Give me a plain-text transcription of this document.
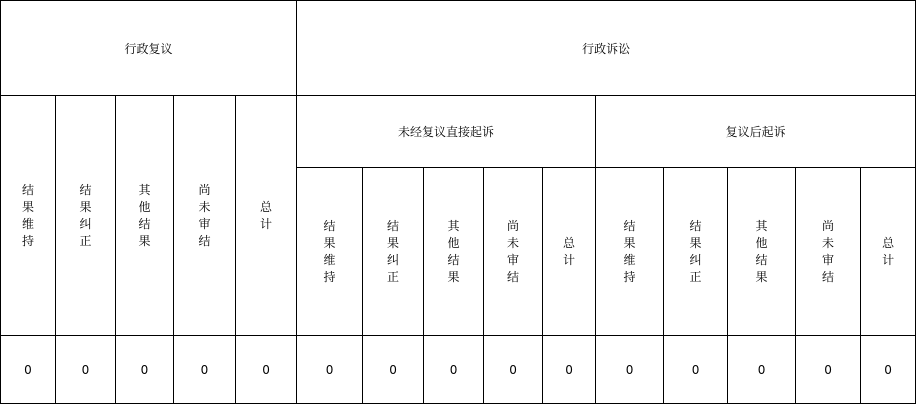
行政复议					行政诉讼									
结果维持	结果纠正	其他结果	尚未审结	总计	未经复议直接起诉					复议后起诉				
					结果维持	结果纠正	其他结果	尚未审结	总计	结果维持	结果纠正	其他结果	尚未审结	总计
0	0	0	0	0	0	0	0	0	0	0	0	0	0	0
